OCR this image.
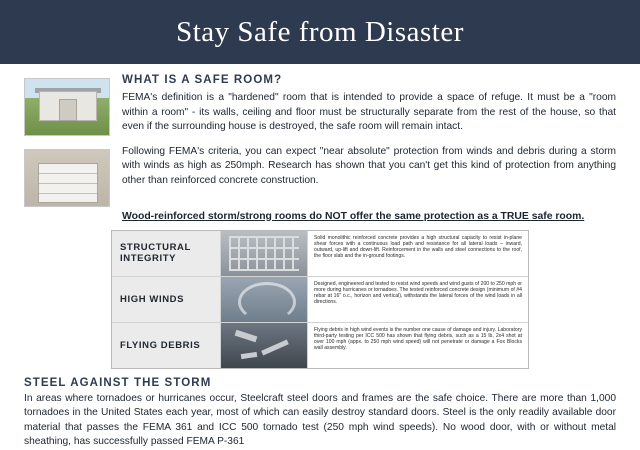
Stay Safe from Disaster
WHAT IS A SAFE ROOM?

FEMA's definition is a "hardened" room that is intended to provide a space of refuge. It must be a "room within a room" - its walls, ceiling and floor must be structurally separate from the rest of the house, so that even if the surrounding house is destroyed, the safe room will remain intact.

Following FEMA's criteria, you can expect "near absolute" protection from winds and debris during a storm with winds as high as 250mph. Research has shown that you can't get this kind of protection from anything other than reinforced concrete construction.

Wood-reinforced storm/strong rooms do NOT offer the same protection as a TRUE safe room.
STRUCTURAL INTEGRITY

Solid monolithic reinforced concrete provides a high structural capacity to resist in-plane shear forces with a continuous load path and resistance for all lateral loads – inward, outward, up-lift and down-lift. Reinforcement in the walls and steel connections to the roof, the floor slab and the in-ground footings.

HIGH WINDS

Designed, engineered and tested to resist wind speeds and wind gusts of 200 to 250 mph or more during hurricanes or tornadoes. The tested reinforced concrete design (minimum of #4 rebar at 16" o.c., horizon and vertical), withstands the lateral forces of the wind loads in all directions.

FLYING DEBRIS

Flying debris in high wind events is the number one cause of damage and injury. Laboratory third-party testing per ICC 500 has shown that flying debris, such as a 15 lb, 2x4 shot at over 100 mph (appx. to 250 mph wind speed) will not penetrate or damage a Fox Blocks wall assembly.

STEEL AGAINST THE STORM

In areas where tornadoes or hurricanes occur, Steelcraft steel doors and frames are the safe choice. There are more than 1,000 tornadoes in the United States each year, most of which can easily destroy standard doors. Steel is the only readily available door material that passes the FEMA 361 and ICC 500 tornado test (250 mph wind speeds). No wood door, with or without metal sheathing, has successfully passed FEMA P-361
